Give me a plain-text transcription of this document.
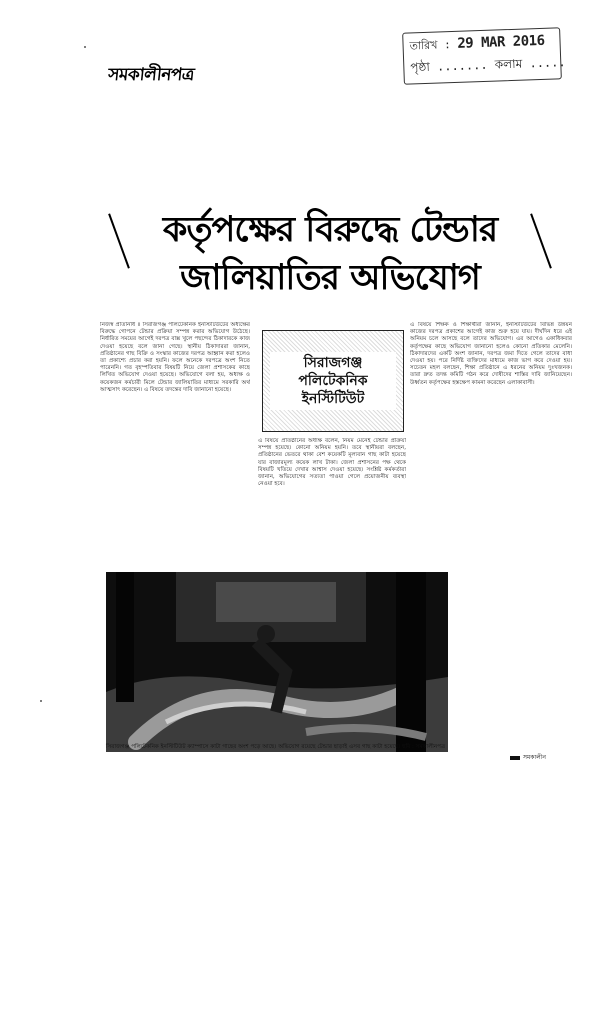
সমকালীনপত্র
তারিখ : 29 MAR 2016
পৃষ্ঠা ....... কলাম .....
কর্তৃপক্ষের বিরুদ্ধে টেন্ডার
জালিয়াতির অভিযোগ
নিজস্ব প্রতিনিধি ॥ সিরাজগঞ্জ পলিটেকনিক ইনস্টিটিউটের অধ্যক্ষের বিরুদ্ধে গোপনে টেন্ডার প্রক্রিয়া সম্পন্ন করার অভিযোগ উঠেছে। নির্ধারিত সময়ের আগেই দরপত্র বাক্স খুলে পছন্দের ঠিকাদারকে কাজ দেওয়া হয়েছে বলে জানা গেছে। স্থানীয় ঠিকাদাররা জানান, প্রতিষ্ঠানের গাছ বিক্রি ও সংস্কার কাজের দরপত্র আহ্বান করা হলেও তা প্রকাশ্যে প্রচার করা হয়নি। ফলে অনেকে দরপত্রে অংশ নিতে পারেননি। গত বৃহস্পতিবার বিষয়টি নিয়ে জেলা প্রশাসকের কাছে লিখিত অভিযোগ দেওয়া হয়েছে। অভিযোগে বলা হয়, অধ্যক্ষ ও কয়েকজন কর্মচারী মিলে টেন্ডার জালিয়াতির মাধ্যমে সরকারি অর্থ আত্মসাৎ করেছেন। এ বিষয়ে তদন্তের দাবি জানানো হয়েছে।
সিরাজগঞ্জ পলিটেকনিক ইনস্টিটিউট
এ বিষয়ে প্রতিষ্ঠানের অধ্যক্ষ বলেন, নিয়ম মেনেই টেন্ডার প্রক্রিয়া সম্পন্ন হয়েছে। কোনো অনিয়ম হয়নি। তবে স্থানীয়রা বলছেন, প্রতিষ্ঠানের ভেতরে থাকা বেশ কয়েকটি মূল্যবান গাছ কাটা হয়েছে যার বাজারমূল্য কয়েক লাখ টাকা। জেলা প্রশাসনের পক্ষ থেকে বিষয়টি খতিয়ে দেখার আশ্বাস দেওয়া হয়েছে। সংশ্লিষ্ট কর্মকর্তারা জানান, অভিযোগের সত্যতা পাওয়া গেলে প্রয়োজনীয় ব্যবস্থা নেওয়া হবে।
এ বিষয়ে শিক্ষক ও শিক্ষার্থীরা জানান, ইনস্টিটিউটের বিভিন্ন উন্নয়ন কাজের দরপত্র প্রকাশের আগেই কাজ শুরু হয়ে যায়। দীর্ঘদিন ধরে এই অনিয়ম চলে আসছে বলে তাদের অভিযোগ। এর আগেও একাধিকবার কর্তৃপক্ষের কাছে অভিযোগ জানানো হলেও কোনো প্রতিকার মেলেনি। ঠিকাদারদের একটি অংশ জানান, দরপত্র জমা দিতে গেলে তাদের বাধা দেওয়া হয়। পরে নির্দিষ্ট ব্যক্তিদের মাধ্যমে কাজ ভাগ করে দেওয়া হয়। সচেতন মহল বলছেন, শিক্ষা প্রতিষ্ঠানে এ ধরনের অনিয়ম দুঃখজনক। তারা দ্রুত তদন্ত কমিটি গঠন করে দোষীদের শাস্তির দাবি জানিয়েছেন। উর্ধ্বতন কর্তৃপক্ষের হস্তক্ষেপ কামনা করেছেন এলাকাবাসী।
সিরাজগঞ্জ পলিটেকনিক ইনস্টিটিউট ক্যাম্পাসে কাটা গাছের অংশ পড়ে আছে। অভিযোগ রয়েছে টেন্ডার ছাড়াই এসব গাছ কাটা হয়েছে। ছবি : সমকালীনপত্র
সমকালীন
